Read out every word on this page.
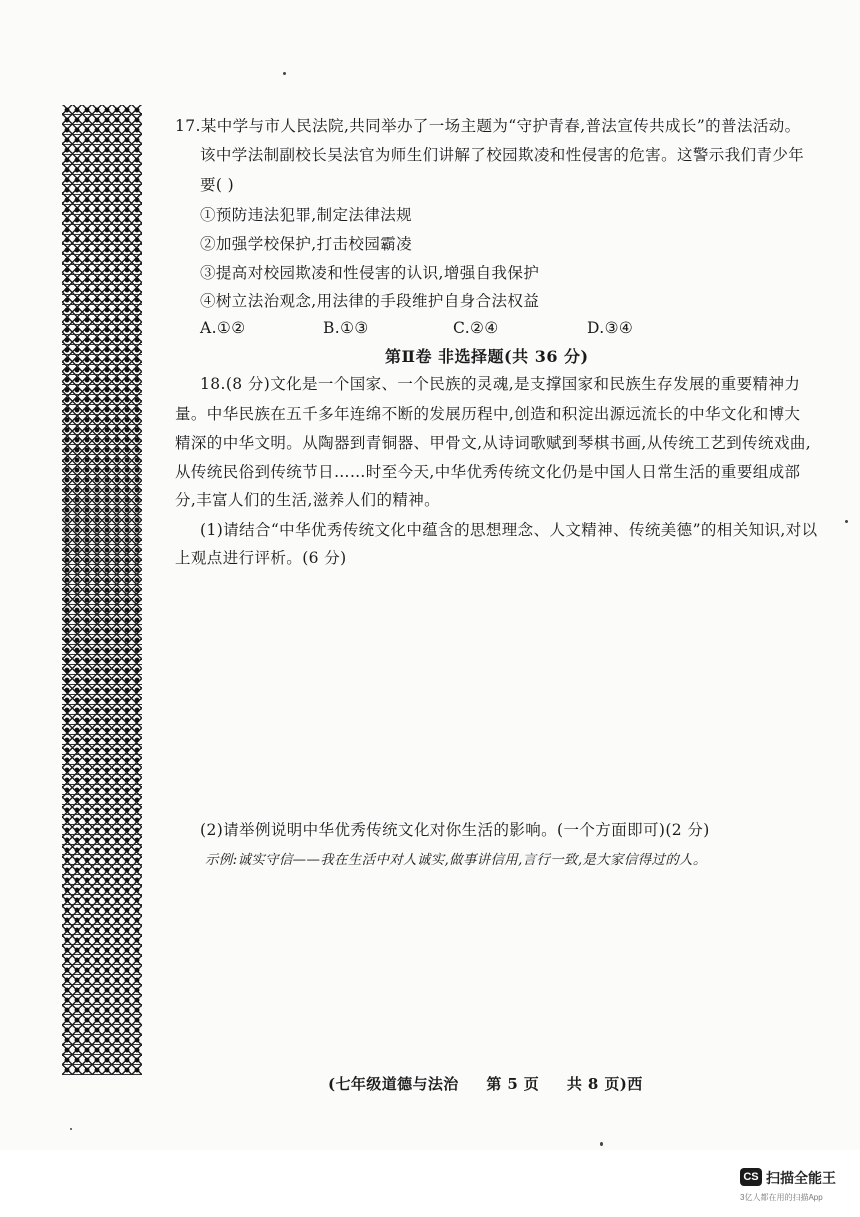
17.某中学与市人民法院,共同举办了一场主题为“守护青春,普法宣传共成长”的普法活动。
该中学法制副校长吴法官为师生们讲解了校园欺凌和性侵害的危害。这警示我们青少年
要( )
①预防违法犯罪,制定法律法规
②加强学校保护,打击校园霸凌
③提高对校园欺凌和性侵害的认识,增强自我保护
④树立法治观念,用法律的手段维护自身合法权益
A.①②	B.①③	C.②④	D.③④
第Ⅱ卷 非选择题(共 36 分)
18.(8 分)文化是一个国家、一个民族的灵魂,是支撑国家和民族生存发展的重要精神力
量。中华民族在五千多年连绵不断的发展历程中,创造和积淀出源远流长的中华文化和博大
精深的中华文明。从陶器到青铜器、甲骨文,从诗词歌赋到琴棋书画,从传统工艺到传统戏曲,
从传统民俗到传统节日……时至今天,中华优秀传统文化仍是中国人日常生活的重要组成部
分,丰富人们的生活,滋养人们的精神。
(1)请结合“中华优秀传统文化中蕴含的思想理念、人文精神、传统美德”的相关知识,对以
上观点进行评析。(6 分)
(2)请举例说明中华优秀传统文化对你生活的影响。(一个方面即可)(2 分)
示例:诚实守信——我在生活中对人诚实,做事讲信用,言行一致,是大家信得过的人。
(七年级道德与法治 第 5 页 共 8 页)西
CS 扫描全能王
3亿人都在用的扫描App
